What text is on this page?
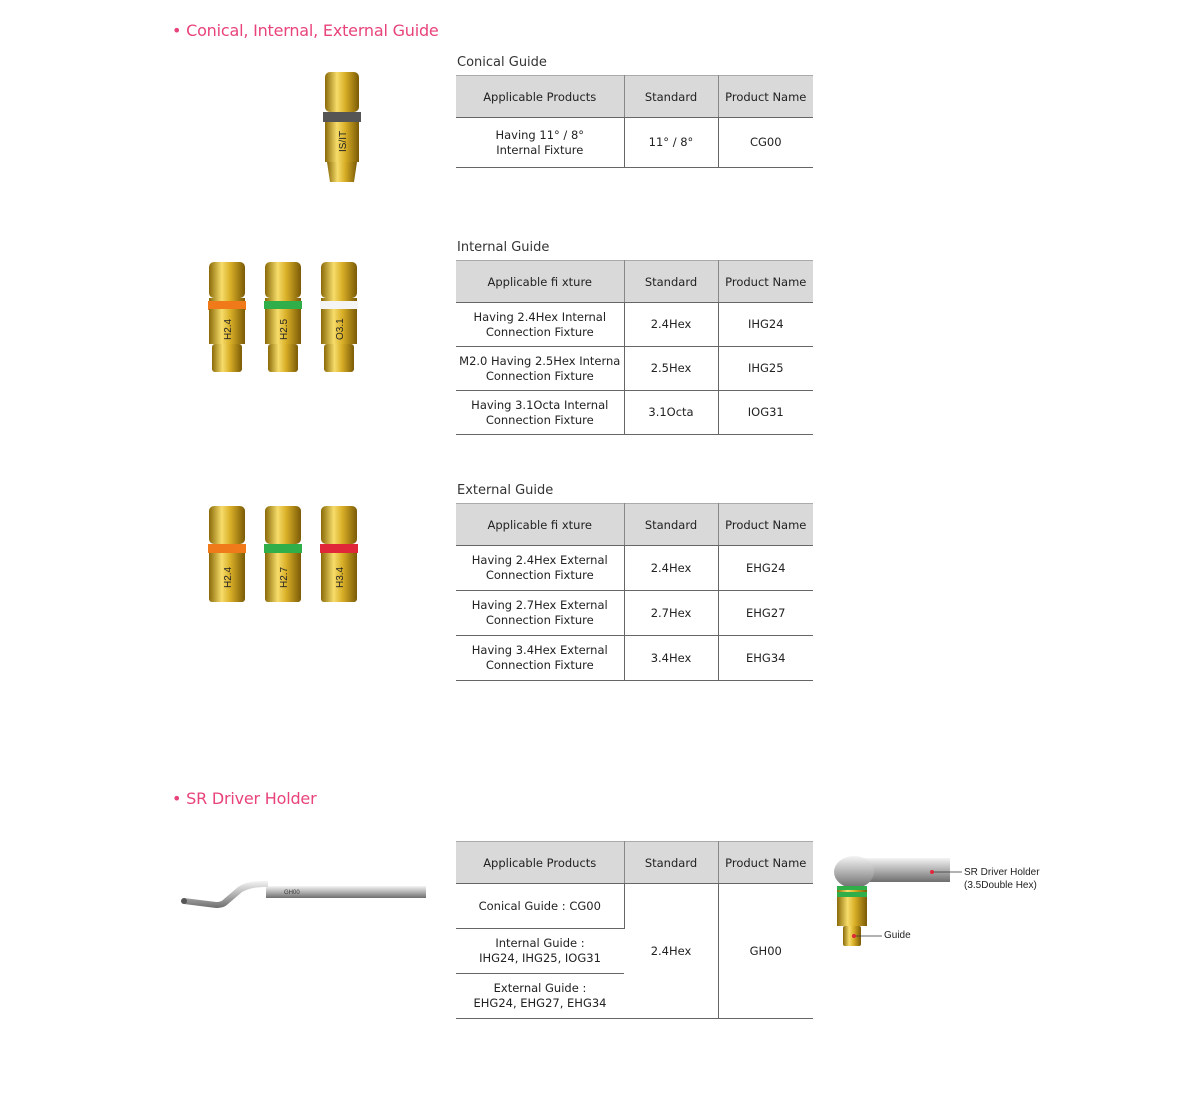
• Conical, Internal, External Guide
IS/IT
Conical Guide
Applicable Products	Standard	Product Name
Having 11° / 8°
Internal Fixture	11° / 8°	CG00
H2.4	H2.5	O3.1
Internal Guide
Applicable fi xture	Standard	Product Name
Having 2.4Hex Internal
Connection Fixture	2.4Hex	IHG24
M2.0 Having 2.5Hex Interna
Connection Fixture	2.5Hex	IHG25
Having 3.1Octa Internal
Connection Fixture	3.1Octa	IOG31
H2.4	H2.7	H3.4
External Guide
Applicable fi xture	Standard	Product Name
Having 2.4Hex External
Connection Fixture	2.4Hex	EHG24
Having 2.7Hex External
Connection Fixture	2.7Hex	EHG27
Having 3.4Hex External
Connection Fixture	3.4Hex	EHG34
• SR Driver Holder
GH00
Applicable Products	Standard	Product Name
Conical Guide : CG00	2.4Hex	GH00
Internal Guide :
IHG24, IHG25, IOG31		
External Guide :
EHG24, EHG27, EHG34		
SR Driver Holder
(3.5Double Hex)
Guide
